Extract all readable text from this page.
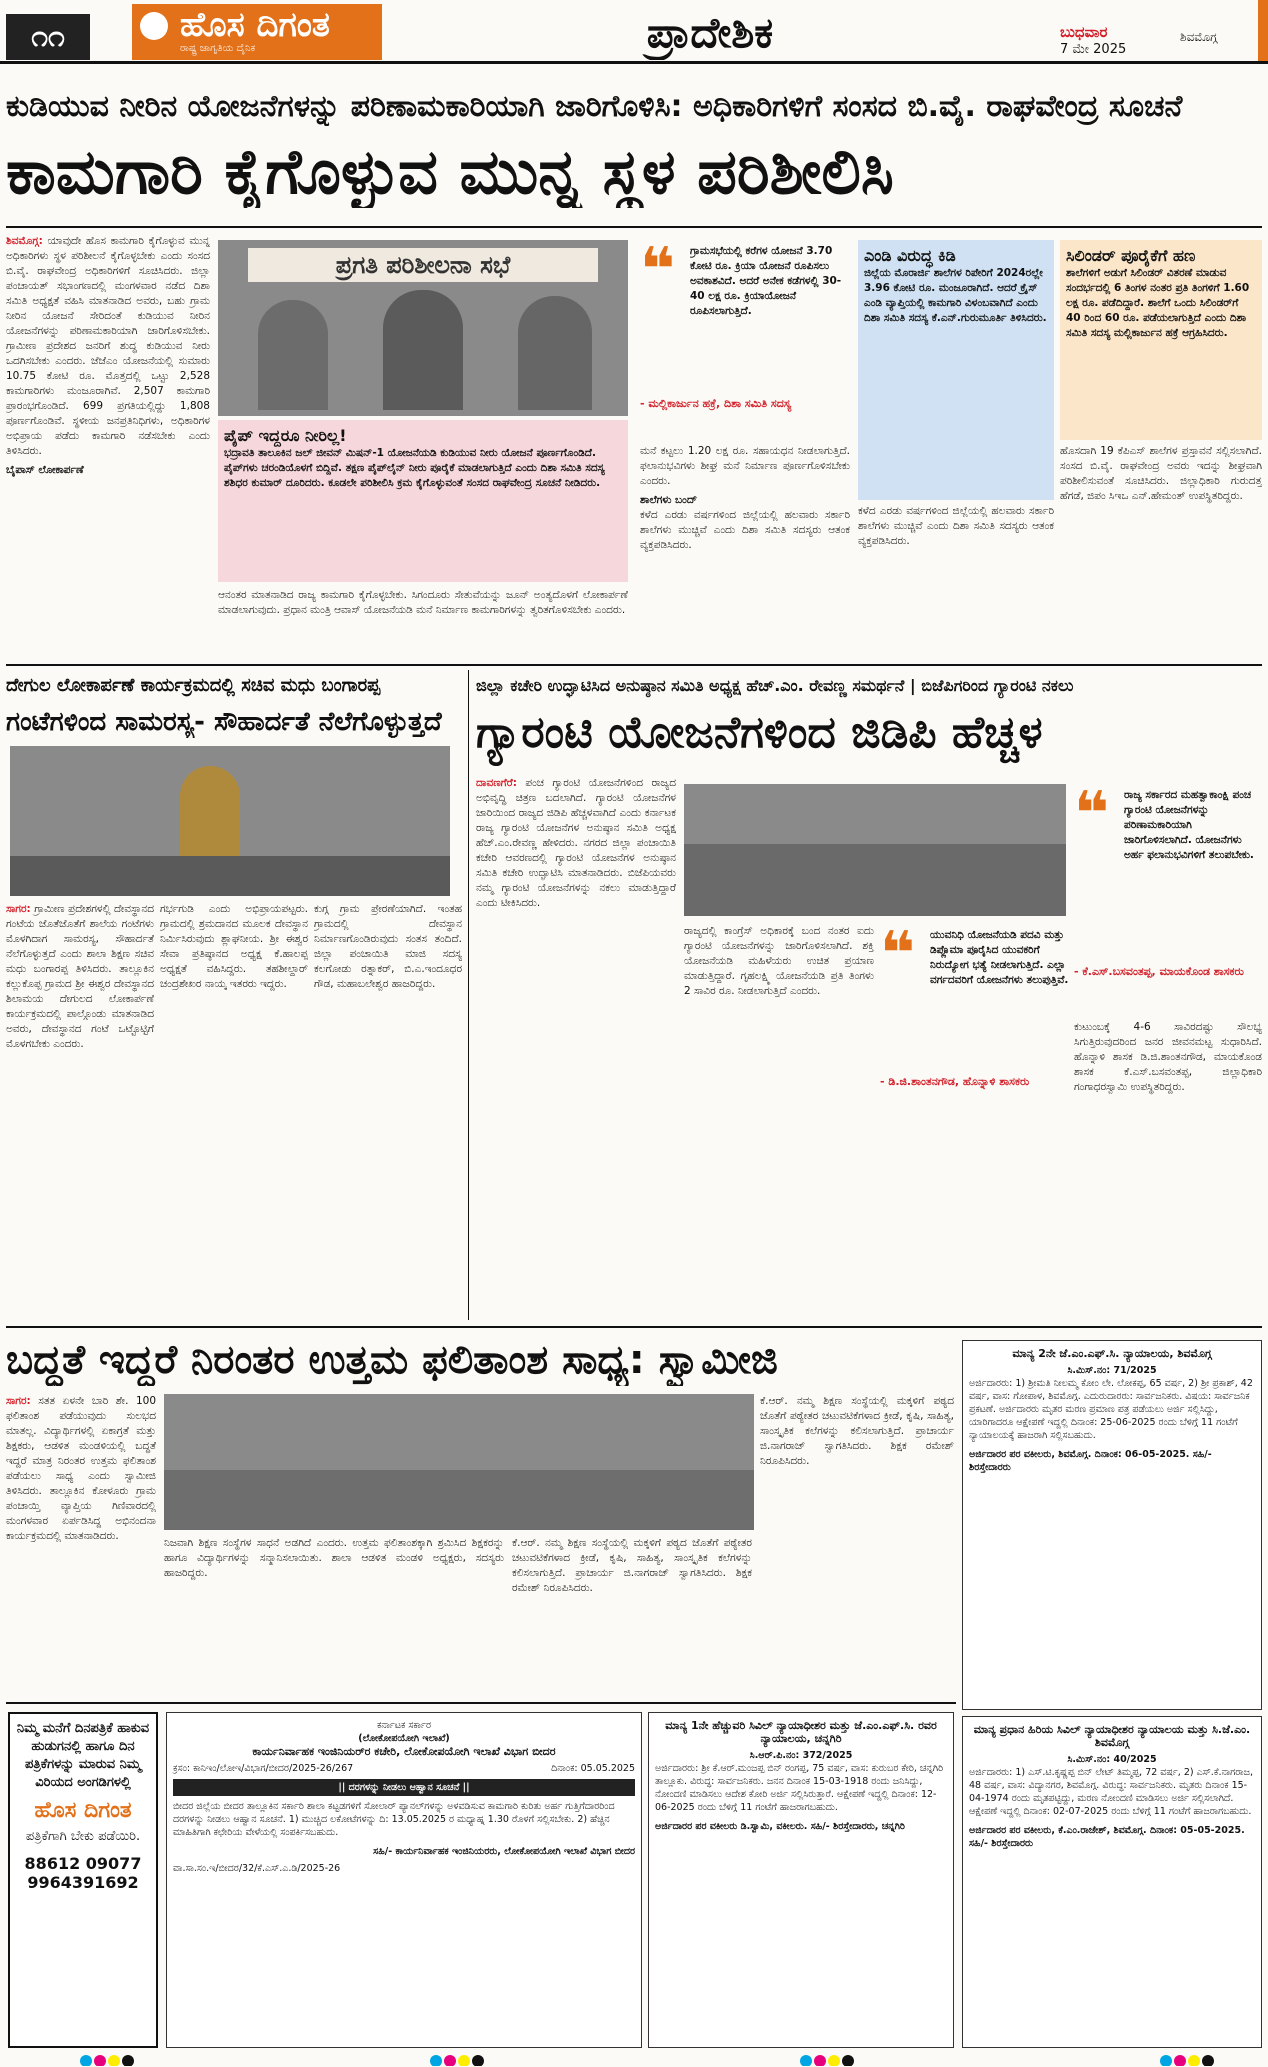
೧೧	ಹೊಸ ದಿಗಂತ
ರಾಷ್ಟ್ರ ಜಾಗೃತಿಯ ದೈನಿಕ	ಪ್ರಾದೇಶಿಕ	ಬುಧವಾರ
7 ಮೇ 2025
ಶಿವಮೊಗ್ಗ
ಕುಡಿಯುವ ನೀರಿನ ಯೋಜನೆಗಳನ್ನು ಪರಿಣಾಮಕಾರಿಯಾಗಿ ಜಾರಿಗೊಳಿಸಿ: ಅಧಿಕಾರಿಗಳಿಗೆ ಸಂಸದ ಬಿ.ವೈ. ರಾಘವೇಂದ್ರ ಸೂಚನೆ
ಕಾಮಗಾರಿ ಕೈಗೊಳ್ಳುವ ಮುನ್ನ ಸ್ಥಳ ಪರಿಶೀಲಿಸಿ
ಶಿವಮೊಗ್ಗ: ಯಾವುದೇ ಹೊಸ ಕಾಮಗಾರಿ ಕೈಗೊಳ್ಳುವ ಮುನ್ನ ಅಧಿಕಾರಿಗಳು ಸ್ಥಳ ಪರಿಶೀಲನೆ ಕೈಗೊಳ್ಳಬೇಕು ಎಂದು ಸಂಸದ ಬಿ.ವೈ. ರಾಘವೇಂದ್ರ ಅಧಿಕಾರಿಗಳಿಗೆ ಸೂಚಿಸಿದರು. ಜಿಲ್ಲಾ ಪಂಚಾಯತ್ ಸಭಾಂಗಣದಲ್ಲಿ ಮಂಗಳವಾರ ನಡೆದ ದಿಶಾ ಸಮಿತಿ ಅಧ್ಯಕ್ಷತೆ ವಹಿಸಿ ಮಾತನಾಡಿದ ಅವರು, ಬಹು ಗ್ರಾಮ ನೀರಿನ ಯೋಜನೆ ಸೇರಿದಂತೆ ಕುಡಿಯುವ ನೀರಿನ ಯೋಜನೆಗಳನ್ನು ಪರಿಣಾಮಕಾರಿಯಾಗಿ ಜಾರಿಗೊಳಿಸಬೇಕು. ಗ್ರಾಮೀಣ ಪ್ರದೇಶದ ಜನರಿಗೆ ಶುದ್ಧ ಕುಡಿಯುವ ನೀರು ಒದಗಿಸಬೇಕು ಎಂದರು. ಜೆಜೆಎಂ ಯೋಜನೆಯಲ್ಲಿ ಸುಮಾರು 10.75 ಕೋಟಿ ರೂ. ಮೊತ್ತದಲ್ಲಿ ಒಟ್ಟು 2,528 ಕಾಮಗಾರಿಗಳು ಮಂಜೂರಾಗಿವೆ. 2,507 ಕಾಮಗಾರಿ ಪ್ರಾರಂಭಗೊಂಡಿದೆ. 699 ಪ್ರಗತಿಯಲ್ಲಿದ್ದು 1,808 ಪೂರ್ಣಗೊಂಡಿವೆ. ಸ್ಥಳೀಯ ಜನಪ್ರತಿನಿಧಿಗಳು, ಅಧಿಕಾರಿಗಳ ಅಭಿಪ್ರಾಯ ಪಡೆದು ಕಾಮಗಾರಿ ನಡೆಸಬೇಕು ಎಂದು ತಿಳಿಸಿದರು.
ಬೈಪಾಸ್ ಲೋಕಾರ್ಪಣೆ
ಪ್ರಗತಿ ಪರಿಶೀಲನಾ ಸಭೆ
ಪೈಪ್ ಇದ್ದರೂ ನೀರಿಲ್ಲ!
ಭದ್ರಾವತಿ ತಾಲೂಕಿನ ಜಲ್ ಜೀವನ್ ಮಿಷನ್-1 ಯೋಜನೆಯಡಿ ಕುಡಿಯುವ ನೀರು ಯೋಜನೆ ಪೂರ್ಣಗೊಂಡಿದೆ. ಪೈಪ್‌ಗಳು ಚರಂಡಿಯೊಳಗೆ ಬಿದ್ದಿವೆ. ತಕ್ಷಣ ಪೈಪ್‌ಲೈನ್ ನೀರು ಪೂರೈಕೆ ಮಾಡಲಾಗುತ್ತಿದೆ ಎಂದು ದಿಶಾ ಸಮಿತಿ ಸದಸ್ಯ ಶಶಿಧರ ಕುಮಾರ್ ದೂರಿದರು. ಕೂಡಲೇ ಪರಿಶೀಲಿಸಿ ಕ್ರಮ ಕೈಗೊಳ್ಳುವಂತೆ ಸಂಸದ ರಾಘವೇಂದ್ರ ಸೂಚನೆ ನೀಡಿದರು.
ಆನಂತರ ಮಾತನಾಡಿದ ರಾಜ್ಯ ಕಾಮಗಾರಿ ಕೈಗೊಳ್ಳಬೇಕು. ಸಿಗಂದೂರು ಸೇತುವೆಯನ್ನು ಜೂನ್ ಅಂತ್ಯದೊಳಗೆ ಲೋಕಾರ್ಪಣೆ ಮಾಡಲಾಗುವುದು. ಪ್ರಧಾನ ಮಂತ್ರಿ ಆವಾಸ್ ಯೋಜನೆಯಡಿ ಮನೆ ನಿರ್ಮಾಣ ಕಾಮಗಾರಿಗಳನ್ನು ತ್ವರಿತಗೊಳಿಸಬೇಕು ಎಂದರು.
❝	ಗ್ರಾಮಸಭೆಯಲ್ಲಿ ಕರೆಗಳ ಯೋಜನೆ 3.70 ಕೋಟಿ ರೂ. ಕ್ರಿಯಾ ಯೋಜನೆ ರೂಪಿಸಲು ಅವಕಾಶವಿದೆ. ಅದರೆ ಅನೇಕ ಕಡೆಗಳಲ್ಲಿ 30-40 ಲಕ್ಷ ರೂ. ಕ್ರಿಯಾಯೋಜನೆ ರೂಪಿಸಲಾಗುತ್ತಿದೆ.
- ಮಲ್ಲಿಕಾರ್ಜುನ ಹಕ್ರೆ, ದಿಶಾ ಸಮಿತಿ ಸದಸ್ಯ
ಮನೆ ಕಟ್ಟಲು 1.20 ಲಕ್ಷ ರೂ. ಸಹಾಯಧನ ನೀಡಲಾಗುತ್ತಿದೆ. ಫಲಾನುಭವಿಗಳು ಶೀಘ್ರ ಮನೆ ನಿರ್ಮಾಣ ಪೂರ್ಣಗೊಳಿಸಬೇಕು ಎಂದರು.
ಶಾಲೆಗಳು ಬಂದ್
ಕಳೆದ ಎರಡು ವರ್ಷಗಳಿಂದ ಜಿಲ್ಲೆಯಲ್ಲಿ ಹಲವಾರು ಸರ್ಕಾರಿ ಶಾಲೆಗಳು ಮುಚ್ಚಿವೆ ಎಂದು ದಿಶಾ ಸಮಿತಿ ಸದಸ್ಯರು ಆತಂಕ ವ್ಯಕ್ತಪಡಿಸಿದರು.
ಎಂಡಿ ವಿರುದ್ಧ ಕಿಡಿ
ಜಿಲ್ಲೆಯ ಮೊರಾರ್ಜಿ ಶಾಲೆಗಳ ರಿಪೇರಿಗೆ 2024ರಲ್ಲೇ 3.96 ಕೋಟಿ ರೂ. ಮಂಜೂರಾಗಿದೆ. ಆದರೆ ಕ್ರೈಸ್ ಎಂಡಿ ವ್ಯಾಪ್ತಿಯಲ್ಲಿ ಕಾಮಗಾರಿ ವಿಳಂಬವಾಗಿದೆ ಎಂದು ದಿಶಾ ಸಮಿತಿ ಸದಸ್ಯ ಕೆ.ಎನ್.ಗುರುಮೂರ್ತಿ ತಿಳಿಸಿದರು.
ಸಿಲಿಂಡರ್ ಪೂರೈಕೆಗೆ ಹಣ
ಶಾಲೆಗಳಿಗೆ ಅಡುಗೆ ಸಿಲಿಂಡರ್ ವಿತರಣೆ ಮಾಡುವ ಸಂದರ್ಭದಲ್ಲಿ 6 ತಿಂಗಳ ನಂತರ ಪ್ರತಿ ತಿಂಗಳಿಗೆ 1.60 ಲಕ್ಷ ರೂ. ಪಡೆದಿದ್ದಾರೆ. ಶಾಲೆಗೆ ಒಂದು ಸಿಲಿಂಡರ್‌ಗೆ 40 ರಿಂದ 60 ರೂ. ಪಡೆಯಲಾಗುತ್ತಿದೆ ಎಂದು ದಿಶಾ ಸಮಿತಿ ಸದಸ್ಯ ಮಲ್ಲಿಕಾರ್ಜುನ ಹಕ್ರೆ ಆಗ್ರಹಿಸಿದರು.
ಹೊಸದಾಗಿ 19 ಕೆಪಿಎಸ್ ಶಾಲೆಗಳ ಪ್ರಸ್ತಾವನೆ ಸಲ್ಲಿಸಲಾಗಿದೆ. ಸಂಸದ ಬಿ.ವೈ. ರಾಘವೇಂದ್ರ ಅವರು ಇದನ್ನು ಶೀಘ್ರವಾಗಿ ಪರಿಶೀಲಿಸುವಂತೆ ಸೂಚಿಸಿದರು. ಜಿಲ್ಲಾಧಿಕಾರಿ ಗುರುದತ್ತ ಹೆಗಡೆ, ಜಿಪಂ ಸಿಇಒ ಎನ್.ಹೇಮಂತ್ ಉಪಸ್ಥಿತರಿದ್ದರು.
ಕಳೆದ ಎರಡು ವರ್ಷಗಳಿಂದ ಜಿಲ್ಲೆಯಲ್ಲಿ ಹಲವಾರು ಸರ್ಕಾರಿ ಶಾಲೆಗಳು ಮುಚ್ಚಿವೆ ಎಂದು ದಿಶಾ ಸಮಿತಿ ಸದಸ್ಯರು ಆತಂಕ ವ್ಯಕ್ತಪಡಿಸಿದರು.
ದೇಗುಲ ಲೋಕಾರ್ಪಣೆ ಕಾರ್ಯಕ್ರಮದಲ್ಲಿ ಸಚಿವ ಮಧು ಬಂಗಾರಪ್ಪ
ಗಂಟೆಗಳಿಂದ ಸಾಮರಸ್ಯ- ಸೌಹಾರ್ದತೆ ನೆಲೆಗೊಳ್ಳುತ್ತದೆ
ಸಾಗರ: ಗ್ರಾಮೀಣ ಪ್ರದೇಶಗಳಲ್ಲಿ ದೇವಸ್ಥಾನದ ಗಂಟೆಯ ಜೊತೆಜೊತೆಗೆ ಶಾಲೆಯ ಗಂಟೆಗಳು ಮೊಳಗಿದಾಗ ಸಾಮರಸ್ಯ, ಸೌಹಾರ್ದತೆ ನೆಲೆಗೊಳ್ಳುತ್ತದೆ ಎಂದು ಶಾಲಾ ಶಿಕ್ಷಣ ಸಚಿವ ಮಧು ಬಂಗಾರಪ್ಪ ತಿಳಿಸಿದರು. ತಾಲ್ಲೂಕಿನ ಕಲ್ಲುಕೊಪ್ಪ ಗ್ರಾಮದ ಶ್ರೀ ಈಶ್ವರ ದೇವಸ್ಥಾನದ ಶಿಲಾಮಯ ದೇಗುಲದ ಲೋಕಾರ್ಪಣೆ ಕಾರ್ಯಕ್ರಮದಲ್ಲಿ ಪಾಲ್ಗೊಂಡು ಮಾತನಾಡಿದ ಅವರು, ದೇವಸ್ಥಾನದ ಗಂಟೆ ಒಟ್ಟೊಟ್ಟಿಗೆ ಮೊಳಗಬೇಕು ಎಂದರು.
ಗರ್ಭಗುಡಿ ಎಂದು ಅಭಿಪ್ರಾಯಪಟ್ಟರು. ಗ್ರಾಮದಲ್ಲಿ ಶ್ರಮದಾನದ ಮೂಲಕ ದೇವಸ್ಥಾನ ನಿರ್ಮಿಸಿರುವುದು ಶ್ಲಾಘನೀಯ. ಶ್ರೀ ಈಶ್ವರ ಸೇವಾ ಪ್ರತಿಷ್ಠಾನದ ಅಧ್ಯಕ್ಷ ಕೆ.ಹಾಲಪ್ಪ ಅಧ್ಯಕ್ಷತೆ ವಹಿಸಿದ್ದರು. ತಹಶೀಲ್ದಾರ್ ಚಂದ್ರಶೇಖರ ನಾಯ್ಕ ಇತರರು ಇದ್ದರು.
ಕುಗ್ಗ ಗ್ರಾಮ ಪ್ರೇರಣೆಯಾಗಿದೆ. ಇಂತಹ ಗ್ರಾಮದಲ್ಲಿ ದೇವಸ್ಥಾನ ನಿರ್ಮಾಣಗೊಂಡಿರುವುದು ಸಂತಸ ತಂದಿದೆ. ಜಿಲ್ಲಾ ಪಂಚಾಯಿತಿ ಮಾಜಿ ಸದಸ್ಯ ಕಲಗೋಡು ರತ್ನಾಕರ್, ಬಿ.ಎ.ಇಂದೂಧರ ಗೌಡ, ಮಹಾಬಲೇಶ್ವರ ಹಾಜರಿದ್ದರು.
ಜಿಲ್ಲಾ ಕಚೇರಿ ಉದ್ಘಾಟಿಸಿದ ಅನುಷ್ಠಾನ ಸಮಿತಿ ಅಧ್ಯಕ್ಷ ಹೆಚ್.ಎಂ. ರೇವಣ್ಣ ಸಮರ್ಥನೆ | ಬಿಜೆಪಿಗರಿಂದ ಗ್ಯಾರಂಟಿ ನಕಲು
ಗ್ಯಾರಂಟಿ ಯೋಜನೆಗಳಿಂದ ಜಿಡಿಪಿ ಹೆಚ್ಚಳ
ದಾವಣಗೆರೆ: ಪಂಚ ಗ್ಯಾರಂಟಿ ಯೋಜನೆಗಳಿಂದ ರಾಜ್ಯದ ಅಭಿವೃದ್ಧಿ ಚಿತ್ರಣ ಬದಲಾಗಿದೆ. ಗ್ಯಾರಂಟಿ ಯೋಜನೆಗಳ ಜಾರಿಯಿಂದ ರಾಜ್ಯದ ಜಿಡಿಪಿ ಹೆಚ್ಚಳವಾಗಿದೆ ಎಂದು ಕರ್ನಾಟಕ ರಾಜ್ಯ ಗ್ಯಾರಂಟಿ ಯೋಜನೆಗಳ ಅನುಷ್ಠಾನ ಸಮಿತಿ ಅಧ್ಯಕ್ಷ ಹೆಚ್.ಎಂ.ರೇವಣ್ಣ ಹೇಳಿದರು. ನಗರದ ಜಿಲ್ಲಾ ಪಂಚಾಯಿತಿ ಕಚೇರಿ ಆವರಣದಲ್ಲಿ ಗ್ಯಾರಂಟಿ ಯೋಜನೆಗಳ ಅನುಷ್ಠಾನ ಸಮಿತಿ ಕಚೇರಿ ಉದ್ಘಾಟಿಸಿ ಮಾತನಾಡಿದರು. ಬಿಜೆಪಿಯವರು ನಮ್ಮ ಗ್ಯಾರಂಟಿ ಯೋಜನೆಗಳನ್ನು ನಕಲು ಮಾಡುತ್ತಿದ್ದಾರೆ ಎಂದು ಟೀಕಿಸಿದರು.
ರಾಜ್ಯದಲ್ಲಿ ಕಾಂಗ್ರೆಸ್ ಅಧಿಕಾರಕ್ಕೆ ಬಂದ ನಂತರ ಐದು ಗ್ಯಾರಂಟಿ ಯೋಜನೆಗಳನ್ನು ಜಾರಿಗೊಳಿಸಲಾಗಿದೆ. ಶಕ್ತಿ ಯೋಜನೆಯಡಿ ಮಹಿಳೆಯರು ಉಚಿತ ಪ್ರಯಾಣ ಮಾಡುತ್ತಿದ್ದಾರೆ. ಗೃಹಲಕ್ಷ್ಮಿ ಯೋಜನೆಯಡಿ ಪ್ರತಿ ತಿಂಗಳು 2 ಸಾವಿರ ರೂ. ನೀಡಲಾಗುತ್ತಿದೆ ಎಂದರು.
❝	ಯುವನಿಧಿ ಯೋಜನೆಯಡಿ ಪದವಿ ಮತ್ತು ಡಿಪ್ಲೊಮಾ ಪೂರೈಸಿದ ಯುವಕರಿಗೆ ನಿರುದ್ಯೋಗ ಭತ್ಯೆ ನೀಡಲಾಗುತ್ತಿದೆ. ಎಲ್ಲಾ ವರ್ಗದವರಿಗೆ ಯೋಜನೆಗಳು ತಲುಪುತ್ತಿವೆ.
- ಡಿ.ಜಿ.ಶಾಂತನಗೌಡ, ಹೊನ್ನಾಳಿ ಶಾಸಕರು
❝	ರಾಜ್ಯ ಸರ್ಕಾರದ ಮಹತ್ವಾಕಾಂಕ್ಷಿ ಪಂಚ ಗ್ಯಾರಂಟಿ ಯೋಜನೆಗಳನ್ನು ಪರಿಣಾಮಕಾರಿಯಾಗಿ ಜಾರಿಗೊಳಿಸಲಾಗಿದೆ. ಯೋಜನೆಗಳು ಅರ್ಹ ಫಲಾನುಭವಿಗಳಿಗೆ ತಲುಪಬೇಕು.
- ಕೆ.ಎಸ್.ಬಸವಂತಪ್ಪ, ಮಾಯಕೊಂಡ ಶಾಸಕರು
ಕುಟುಂಬಕ್ಕೆ 4-6 ಸಾವಿರದಷ್ಟು ಸೌಲಭ್ಯ ಸಿಗುತ್ತಿರುವುದರಿಂದ ಜನರ ಜೀವನಮಟ್ಟ ಸುಧಾರಿಸಿದೆ. ಹೊನ್ನಾಳಿ ಶಾಸಕ ಡಿ.ಜಿ.ಶಾಂತನಗೌಡ, ಮಾಯಕೊಂಡ ಶಾಸಕ ಕೆ.ಎಸ್.ಬಸವಂತಪ್ಪ, ಜಿಲ್ಲಾಧಿಕಾರಿ ಗಂಗಾಧರಸ್ವಾಮಿ ಉಪಸ್ಥಿತರಿದ್ದರು.
ಬದ್ಧತೆ ಇದ್ದರೆ ನಿರಂತರ ಉತ್ತಮ ಫಲಿತಾಂಶ ಸಾಧ್ಯ: ಸ್ವಾಮೀಜಿ
ಸಾಗರ: ಸತತ ಏಳನೇ ಬಾರಿ ಶೇ. 100 ಫಲಿತಾಂಶ ಪಡೆಯುವುದು ಸುಲಭದ ಮಾತಲ್ಲ. ವಿದ್ಯಾರ್ಥಿಗಳಲ್ಲಿ ಏಕಾಗ್ರತೆ ಮತ್ತು ಶಿಕ್ಷಕರು, ಆಡಳಿತ ಮಂಡಳಿಯಲ್ಲಿ ಬದ್ಧತೆ ಇದ್ದರೆ ಮಾತ್ರ ನಿರಂತರ ಉತ್ತಮ ಫಲಿತಾಂಶ ಪಡೆಯಲು ಸಾಧ್ಯ ಎಂದು ಸ್ವಾಮೀಜಿ ತಿಳಿಸಿದರು. ತಾಲ್ಲೂಕಿನ ಕೋಳೂರು ಗ್ರಾಮ ಪಂಚಾಯ್ತಿ ವ್ಯಾಪ್ತಿಯ ಗಿಣಿವಾರದಲ್ಲಿ ಮಂಗಳವಾರ ಏರ್ಪಡಿಸಿದ್ದ ಅಭಿನಂದನಾ ಕಾರ್ಯಕ್ರಮದಲ್ಲಿ ಮಾತನಾಡಿದರು.
ನಿಜವಾಗಿ ಶಿಕ್ಷಣ ಸಂಸ್ಥೆಗಳ ಸಾಧನೆ ಅಡಗಿದೆ ಎಂದರು. ಉತ್ತಮ ಫಲಿತಾಂಶಕ್ಕಾಗಿ ಶ್ರಮಿಸಿದ ಶಿಕ್ಷಕರನ್ನು ಹಾಗೂ ವಿದ್ಯಾರ್ಥಿಗಳನ್ನು ಸನ್ಮಾನಿಸಲಾಯಿತು. ಶಾಲಾ ಆಡಳಿತ ಮಂಡಳಿ ಅಧ್ಯಕ್ಷರು, ಸದಸ್ಯರು ಹಾಜರಿದ್ದರು.
ಕೆ.ಆರ್. ನಮ್ಮ ಶಿಕ್ಷಣ ಸಂಸ್ಥೆಯಲ್ಲಿ ಮಕ್ಕಳಿಗೆ ಪಠ್ಯದ ಜೊತೆಗೆ ಪಠ್ಯೇತರ ಚಟುವಟಿಕೆಗಳಾದ ಕ್ರೀಡೆ, ಕೃಷಿ, ಸಾಹಿತ್ಯ, ಸಾಂಸ್ಕೃತಿಕ ಕಲೆಗಳನ್ನು ಕಲಿಸಲಾಗುತ್ತಿದೆ. ಪ್ರಾಚಾರ್ಯ ಜಿ.ನಾಗರಾಜ್ ಸ್ವಾಗತಿಸಿದರು. ಶಿಕ್ಷಕ ರಮೇಶ್ ನಿರೂಪಿಸಿದರು.
ಕೆ.ಆರ್. ನಮ್ಮ ಶಿಕ್ಷಣ ಸಂಸ್ಥೆಯಲ್ಲಿ ಮಕ್ಕಳಿಗೆ ಪಠ್ಯದ ಜೊತೆಗೆ ಪಠ್ಯೇತರ ಚಟುವಟಿಕೆಗಳಾದ ಕ್ರೀಡೆ, ಕೃಷಿ, ಸಾಹಿತ್ಯ, ಸಾಂಸ್ಕೃತಿಕ ಕಲೆಗಳನ್ನು ಕಲಿಸಲಾಗುತ್ತಿದೆ. ಪ್ರಾಚಾರ್ಯ ಜಿ.ನಾಗರಾಜ್ ಸ್ವಾಗತಿಸಿದರು. ಶಿಕ್ಷಕ ರಮೇಶ್ ನಿರೂಪಿಸಿದರು.
ಮಾನ್ಯ 2ನೇ ಜೆ.ಎಂ.ಎಫ್.ಸಿ. ನ್ಯಾಯಾಲಯ, ಶಿವಮೊಗ್ಗ
ಸಿ.ಮಿಸ್.ನಂ: 71/2025
ಅರ್ಜಿದಾರರು: 1) ಶ್ರೀಮತಿ ನೀಲಮ್ಮ ಕೋಂ ಲೇ. ಲೋಕಪ್ಪ, 65 ವರ್ಷ, 2) ಶ್ರೀ ಪ್ರಕಾಶ್, 42 ವರ್ಷ, ವಾಸ: ಗೋಪಾಳ, ಶಿವಮೊಗ್ಗ. ಎದುರುದಾರರು: ಸಾರ್ವಜನಿಕರು. ವಿಷಯ: ಸಾರ್ವಜನಿಕ ಪ್ರಕಟಣೆ. ಅರ್ಜಿದಾರರು ಮೃತರ ಮರಣ ಪ್ರಮಾಣ ಪತ್ರ ಪಡೆಯಲು ಅರ್ಜಿ ಸಲ್ಲಿಸಿದ್ದು, ಯಾರಿಗಾದರೂ ಆಕ್ಷೇಪಣೆ ಇದ್ದಲ್ಲಿ ದಿನಾಂಕ: 25-06-2025 ರಂದು ಬೆಳಿಗ್ಗೆ 11 ಗಂಟೆಗೆ ನ್ಯಾಯಾಲಯಕ್ಕೆ ಹಾಜರಾಗಿ ಸಲ್ಲಿಸಬಹುದು.
ಅರ್ಜಿದಾರರ ಪರ ವಕೀಲರು, ಶಿವಮೊಗ್ಗ. ದಿನಾಂಕ: 06-05-2025. ಸಹಿ/- ಶಿರಸ್ತೇದಾರರು
ನಿಮ್ಮ ಮನೆಗೆ ದಿನಪತ್ರಿಕೆ ಹಾಕುವ ಹುಡುಗನಲ್ಲಿ ಹಾಗೂ ದಿನ ಪತ್ರಿಕೆಗಳನ್ನು ಮಾರುವ ನಿಮ್ಮ ವಿರಿಯದ ಅಂಗಡಿಗಳಲ್ಲಿ
ಹೊಸ ದಿಗಂತ
ಪತ್ರಿಕೆಗಾಗಿ ಬೇಕು ಪಡೆಯಿರಿ.
88612 09077
9964391692
ಕರ್ನಾಟಕ ಸರ್ಕಾರ
(ಲೋಕೋಪಯೋಗಿ ಇಲಾಖೆ)
ಕಾರ್ಯನಿರ್ವಾಹಕ ಇಂಜಿನಿಯರ್‌ರ ಕಚೇರಿ, ಲೋಕೋಪಯೋಗಿ ಇಲಾಖೆ ವಿಭಾಗ ಬೀದರ
ಕ್ರಸಂ: ಕಾನಿಇಂ/ಲೋಇ/ವಿಭಾಗ/ಬೀದರ/2025-26/267	ದಿನಾಂಕ: 05.05.2025
|| ದರಗಳನ್ನು ನೀಡಲು ಆಹ್ವಾನ ಸೂಚನೆ ||
ಬೀದರ ಜಿಲ್ಲೆಯ ಬೀದರ ತಾಲ್ಲೂಕಿನ ಸರ್ಕಾರಿ ಶಾಲಾ ಕಟ್ಟಡಗಳಿಗೆ ಸೋಲಾರ್ ಪ್ಯಾನಲ್‌ಗಳನ್ನು ಅಳವಡಿಸುವ ಕಾಮಗಾರಿ ಕುರಿತು ಅರ್ಹ ಗುತ್ತಿಗೆದಾರರಿಂದ ದರಗಳನ್ನು ನೀಡಲು ಆಹ್ವಾನ ಸೂಚನೆ. 1) ಮುಚ್ಚಿದ ಲಕೋಟೆಗಳನ್ನು ದಿ: 13.05.2025 ರ ಮಧ್ಯಾಹ್ನ 1.30 ರೊಳಗೆ ಸಲ್ಲಿಸಬೇಕು. 2) ಹೆಚ್ಚಿನ ಮಾಹಿತಿಗಾಗಿ ಕಛೇರಿಯ ವೇಳೆಯಲ್ಲಿ ಸಂಪರ್ಕಿಸಬಹುದು.
ಸಹಿ/- ಕಾರ್ಯನಿರ್ವಾಹಕ ಇಂಜಿನಿಯರರು, ಲೋಕೋಪಯೋಗಿ ಇಲಾಖೆ ವಿಭಾಗ ಬೀದರ
ವಾ.ಸಾ.ಸಂ.ಇ/ಬೀದರ/32/ಕೆ.ಎಸ್.ಎ.ಡಿ/2025-26
ಮಾನ್ಯ 1ನೇ ಹೆಚ್ಚುವರಿ ಸಿವಿಲ್ ನ್ಯಾಯಾಧೀಶರ ಮತ್ತು ಜೆ.ಎಂ.ಎಫ್.ಸಿ. ರವರ ನ್ಯಾಯಾಲಯ, ಚನ್ನಗಿರಿ
ಸಿ.ಆರ್.ಪಿ.ನಂ: 372/2025
ಅರ್ಜಿದಾರರು: ಶ್ರೀ ಕೆ.ಆರ್.ಮಂಜಪ್ಪ ಬಿನ್ ರಂಗಪ್ಪ, 75 ವರ್ಷ, ವಾಸ: ಕುರುಬರ ಕೇರಿ, ಚನ್ನಗಿರಿ ತಾಲ್ಲೂಕು. ವಿರುದ್ಧ: ಸಾರ್ವಜನಿಕರು. ಜನನ ದಿನಾಂಕ 15-03-1918 ರಂದು ಜನಿಸಿದ್ದು, ನೋಂದಣಿ ಮಾಡಿಸಲು ಆದೇಶ ಕೋರಿ ಅರ್ಜಿ ಸಲ್ಲಿಸಿರುತ್ತಾರೆ. ಆಕ್ಷೇಪಣೆ ಇದ್ದಲ್ಲಿ ದಿನಾಂಕ: 12-06-2025 ರಂದು ಬೆಳಿಗ್ಗೆ 11 ಗಂಟೆಗೆ ಹಾಜರಾಗಬಹುದು.
ಅರ್ಜಿದಾರರ ಪರ ವಕೀಲರು ಡಿ.ಸ್ವಾಮಿ, ವಕೀಲರು. ಸಹಿ/- ಶಿರಸ್ತೇದಾರರು, ಚನ್ನಗಿರಿ
ಮಾನ್ಯ ಪ್ರಧಾನ ಹಿರಿಯ ಸಿವಿಲ್ ನ್ಯಾಯಾಧೀಶರ ನ್ಯಾಯಾಲಯ ಮತ್ತು ಸಿ.ಜೆ.ಎಂ. ಶಿವಮೊಗ್ಗ
ಸಿ.ಮಿಸ್.ನಂ: 40/2025
ಅರ್ಜಿದಾರರು: 1) ಎಸ್.ಟಿ.ಕೃಷ್ಣಪ್ಪ ಬಿನ್ ಲೇಟ್ ತಿಮ್ಮಪ್ಪ, 72 ವರ್ಷ, 2) ಎಸ್.ಕೆ.ನಾಗರಾಜ, 48 ವರ್ಷ, ವಾಸ: ವಿದ್ಯಾನಗರ, ಶಿವಮೊಗ್ಗ. ವಿರುದ್ಧ: ಸಾರ್ವಜನಿಕರು. ಮೃತರು ದಿನಾಂಕ 15-04-1974 ರಂದು ಮೃತಪಟ್ಟಿದ್ದು, ಮರಣ ನೋಂದಣಿ ಮಾಡಿಸಲು ಅರ್ಜಿ ಸಲ್ಲಿಸಲಾಗಿದೆ. ಆಕ್ಷೇಪಣೆ ಇದ್ದಲ್ಲಿ ದಿನಾಂಕ: 02-07-2025 ರಂದು ಬೆಳಿಗ್ಗೆ 11 ಗಂಟೆಗೆ ಹಾಜರಾಗಬಹುದು.
ಅರ್ಜಿದಾರರ ಪರ ವಕೀಲರು, ಕೆ.ಎಂ.ರಾಜೇಶ್, ಶಿವಮೊಗ್ಗ. ದಿನಾಂಕ: 05-05-2025. ಸಹಿ/- ಶಿರಸ್ತೇದಾರರು
